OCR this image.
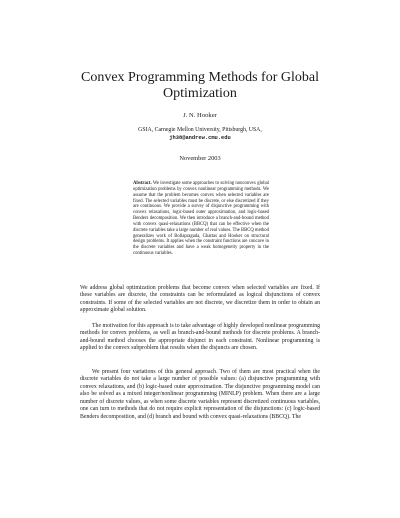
Convex Programming Methods for Global Optimization
J. N. Hooker
GSIA, Carnegie Mellon University, Pittsburgh, USA,
jh38@andrew.cmu.edu
November 2003
Abstract. We investigate some approaches to solving nonconvex global optimization problems by convex nonlinear programming methods. We assume that the problem becomes convex when selected variables are fixed. The selected variables must be discrete, or else discretized if they are continuous. We provide a survey of disjunctive programming with convex relaxations, logic-based outer approximation, and logic-based Benders decomposition. We then introduce a branch-and-bound method with convex quasi-relaxations (BBCQ) that can be effective when the discrete variables take a large number of real values. The BBCQ method generalizes work of Bollapragada, Ghattas and Hooker on structural design problems. It applies when the constraint functions are concave in the discrete variables and have a weak homogeneity property in the continuous variables.

We address global optimization problems that become convex when selected variables are fixed. If these variables are discrete, the constraints can be reformulated as logical disjunctions of convex constraints. If some of the selected variables are not discrete, we discretize them in order to obtain an approximate global solution.

The motivation for this approach is to take advantage of highly developed nonlinear programming methods for convex problems, as well as branch-and-bound methods for discrete problems. A branch-and-bound method chooses the appropriate disjunct in each constraint. Nonlinear programming is applied to the convex subproblem that results when the disjuncts are chosen.

We present four variations of this general approach. Two of them are most practical when the discrete variables do not take a large number of possible values: (a) disjunctive programming with convex relaxations, and (b) logic-based outer approximation. The disjunctive programming model can also be solved as a mixed integer/nonlinear programming (MINLP) problem. When there are a large number of discrete values, as when some discrete variables represent discretized continuous variables, one can turn to methods that do not require explicit representation of the disjunctions: (c) logic-based Benders decomposition, and (d) branch and bound with convex quasi-relaxations (BBCQ). The
